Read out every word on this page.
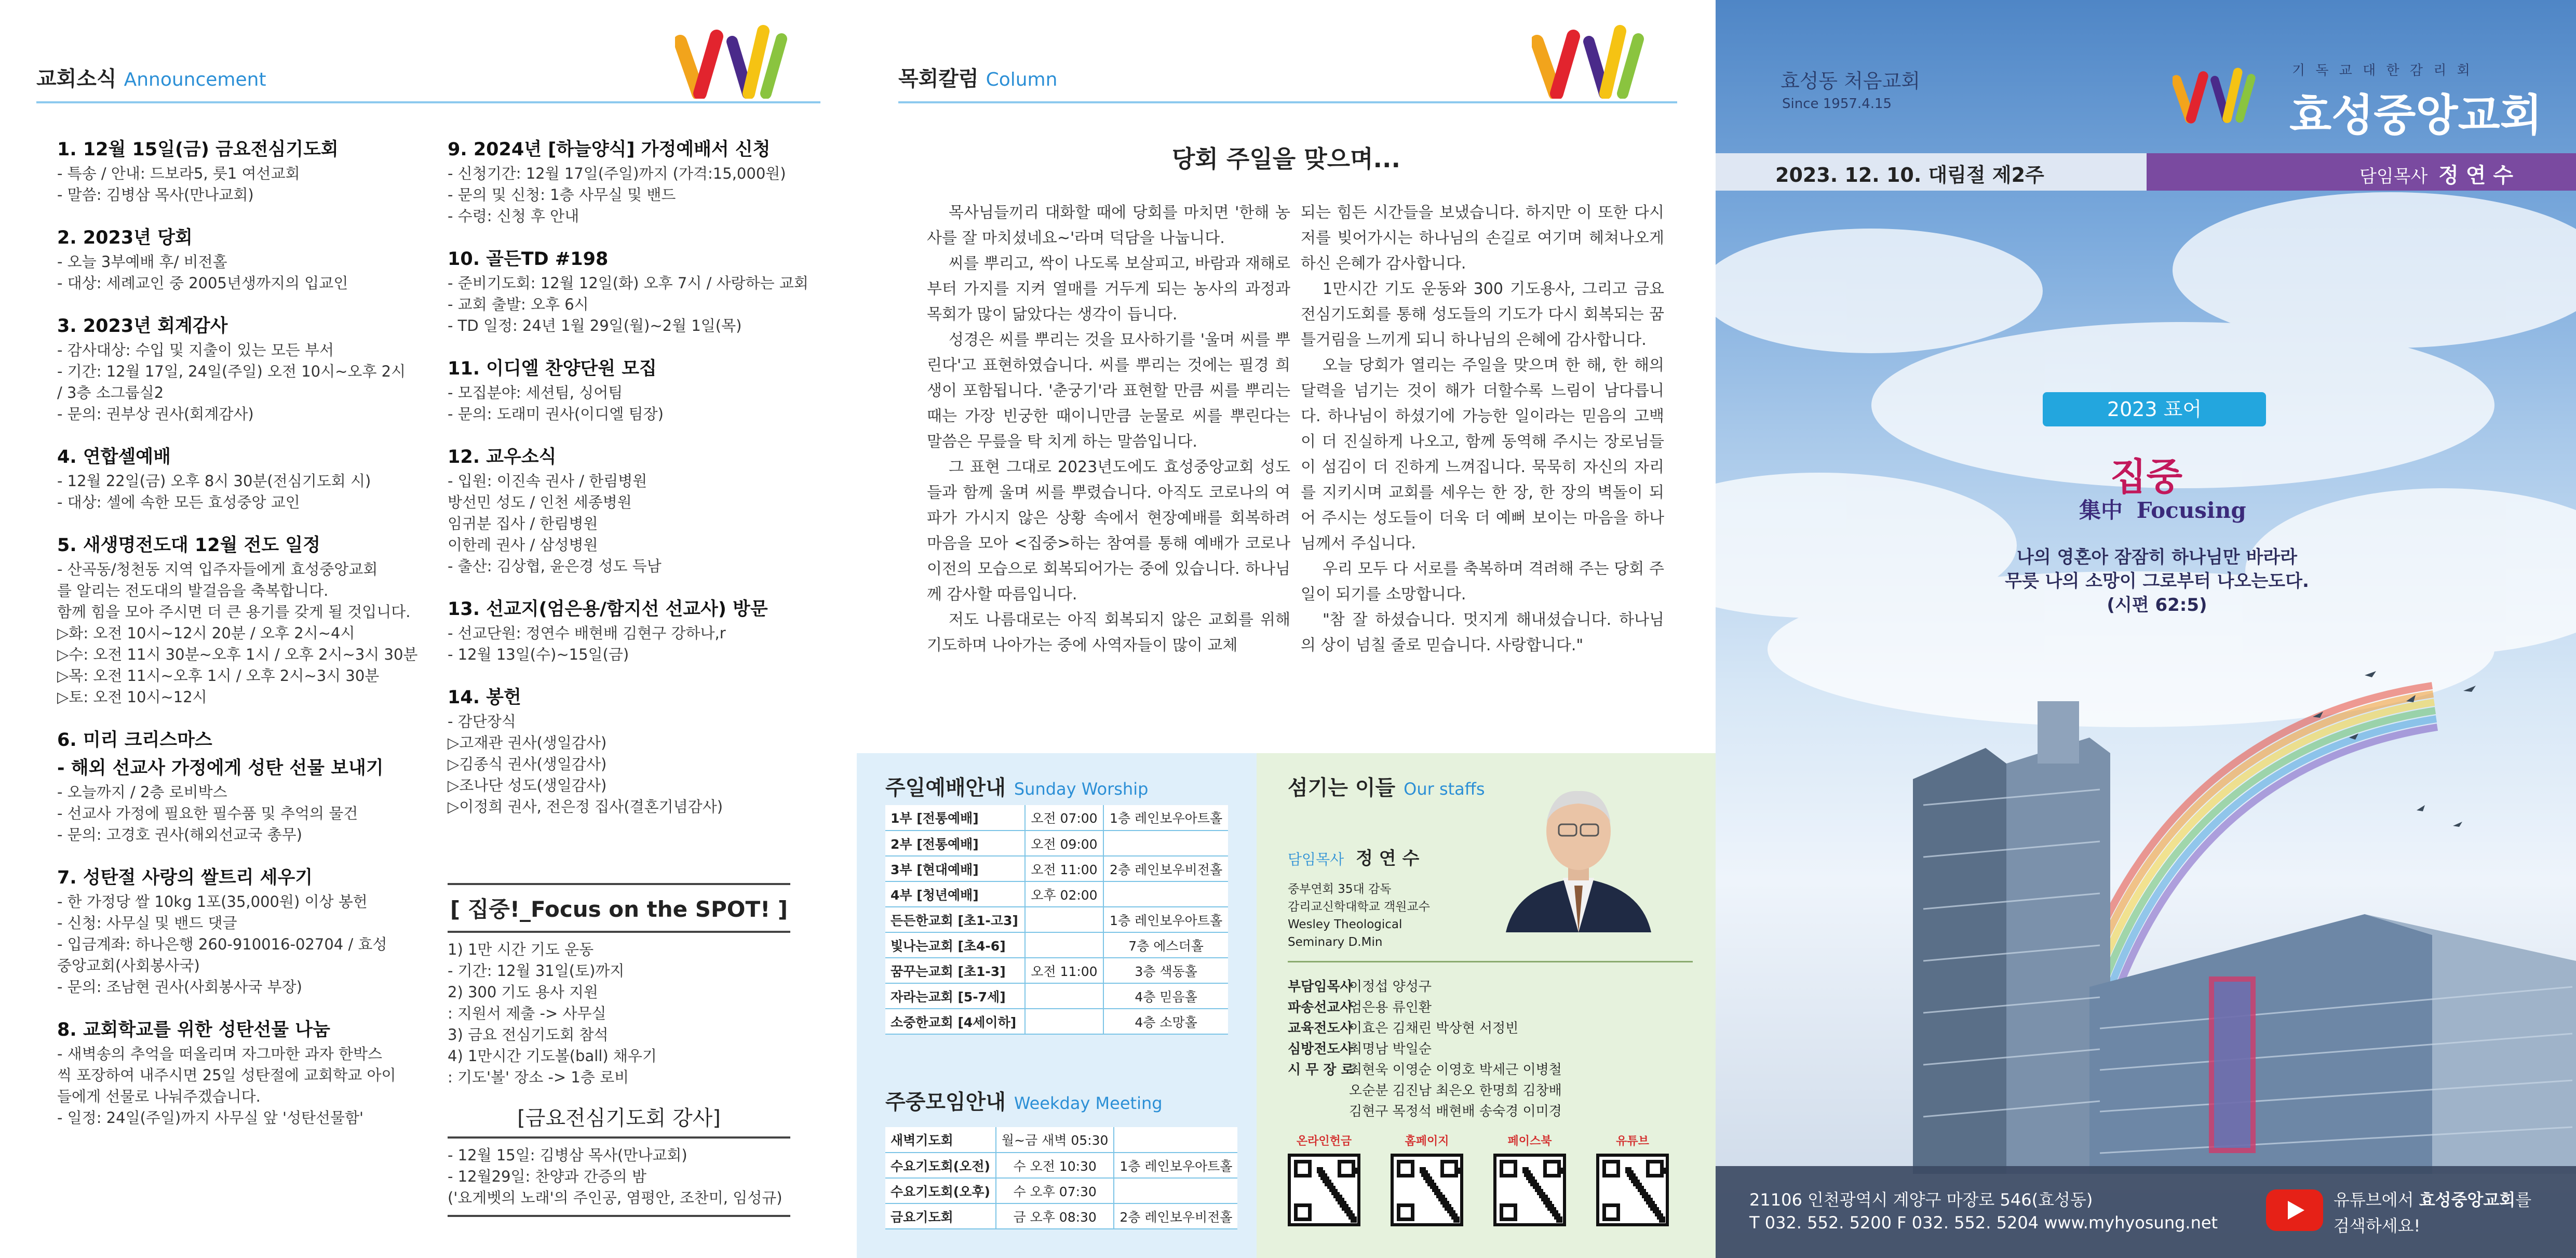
교회소식 Announcement
1. 12월 15일(금) 금요전심기도회

- 특송 / 안내: 드보라5, 룻1 여선교회

- 말씀: 김병삼 목사(만나교회)

2. 2023년 당회

- 오늘 3부예배 후/ 비전홀

- 대상: 세례교인 중 2005년생까지의 입교인

3. 2023년 회계감사

- 감사대상: 수입 및 지출이 있는 모든 부서

- 기간: 12월 17일, 24일(주일) 오전 10시~오후 2시

/ 3층 소그룹실2

- 문의: 권부상 권사(회계감사)

4. 연합셀예배

- 12월 22일(금) 오후 8시 30분(전심기도회 시)

- 대상: 셀에 속한 모든 효성중앙 교인

5. 새생명전도대 12월 전도 일정

- 산곡동/청천동 지역 입주자들에게 효성중앙교회

를 알리는 전도대의 발걸음을 축복합니다.

함께 힘을 모아 주시면 더 큰 용기를 갖게 될 것입니다.

▷화: 오전 10시~12시 20분 / 오후 2시~4시

▷수: 오전 11시 30분~오후 1시 / 오후 2시~3시 30분

▷목: 오전 11시~오후 1시 / 오후 2시~3시 30분

▷토: 오전 10시~12시

6. 미리 크리스마스
- 해외 선교사 가정에게 성탄 선물 보내기

- 오늘까지 / 2층 로비박스

- 선교사 가정에 필요한 필수품 및 추억의 물건

- 문의: 고경호 권사(해외선교국 총무)

7. 성탄절 사랑의 쌀트리 세우기

- 한 가정당 쌀 10kg 1포(35,000원) 이상 봉헌

- 신청: 사무실 및 밴드 댓글

- 입금계좌: 하나은행 260-910016-02704 / 효성

중앙교회(사회봉사국)

- 문의: 조남현 권사(사회봉사국 부장)

8. 교회학교를 위한 성탄선물 나눔

- 새벽송의 추억을 떠올리며 자그마한 과자 한박스

씩 포장하여 내주시면 25일 성탄절에 교회학교 아이

들에게 선물로 나눠주겠습니다.

- 일정: 24일(주일)까지 사무실 앞 '성탄선물함'

9. 2024년 [하늘양식] 가정예배서 신청

- 신청기간: 12월 17일(주일)까지 (가격:15,000원)

- 문의 및 신청: 1층 사무실 및 밴드

- 수령: 신청 후 안내

10. 골든TD #198

- 준비기도회: 12월 12일(화) 오후 7시 / 사랑하는 교회

- 교회 출발: 오후 6시

- TD 일정: 24년 1월 29일(월)~2월 1일(목)

11. 이디엘 찬양단원 모집

- 모집분야: 세션팀, 싱어팀

- 문의: 도래미 권사(이디엘 팀장)

12. 교우소식

- 입원: 이진속 권사 / 한림병원

방선민 성도 / 인천 세종병원

임귀분 집사 / 한림병원

이한레 권사 / 삼성병원

- 출산: 김상협, 윤은경 성도 득남

13. 선교지(엄은용/함지선 선교사) 방문

- 선교단원: 정연수 배현배 김현구 강하나,r

- 12월 13일(수)~15일(금)

14. 봉헌

- 감단장식

▷고재관 권사(생일감사)

▷김종식 권사(생일감사)

▷조나단 성도(생일감사)

▷이정희 권사, 전은정 집사(결혼기념감사)

[ 집중!_Focus on the SPOT! ]

1) 1만 시간 기도 운동

- 기간: 12월 31일(토)까지

2) 300 기도 용사 지원

: 지원서 제출 -> 사무실

3) 금요 전심기도회 참석

4) 1만시간 기도볼(ball) 채우기

: 기도'볼' 장소 -> 1층 로비

[금요전심기도회 강사]

- 12월 15일: 김병삼 목사(만나교회)

- 12월29일: 찬양과 간증의 밤

('요게벳의 노래'의 주인공, 염평안, 조찬미, 임성규)

목회칼럼 Column
당회 주일을 맞으며...

목사님들끼리 대화할 때에 당회를 마치면 '한해 농사를 잘 마치셨네요~'라며 덕담을 나눕니다.

씨를 뿌리고, 싹이 나도록 보살피고, 바람과 재해로부터 가지를 지켜 열매를 거두게 되는 농사의 과정과 목회가 많이 닮았다는 생각이 듭니다.

성경은 씨를 뿌리는 것을 묘사하기를 '울며 씨를 뿌린다'고 표현하였습니다. 씨를 뿌리는 것에는 필경 희생이 포함됩니다. '춘궁기'라 표현할 만큼 씨를 뿌리는 때는 가장 빈궁한 때이니만큼 눈물로 씨를 뿌린다는 말씀은 무릎을 탁 치게 하는 말씀입니다.

그 표현 그대로 2023년도에도 효성중앙교회 성도들과 함께 울며 씨를 뿌렸습니다. 아직도 코로나의 여파가 가시지 않은 상황 속에서 현장예배를 회복하려 마음을 모아 <집중>하는 참여를 통해 예배가 코로나 이전의 모습으로 회복되어가는 중에 있습니다. 하나님께 감사할 따름입니다.

저도 나름대로는 아직 회복되지 않은 교회를 위해 기도하며 나아가는 중에 사역자들이 많이 교체

되는 힘든 시간들을 보냈습니다. 하지만 이 또한 다시 저를 빚어가시는 하나님의 손길로 여기며 헤쳐나오게 하신 은혜가 감사합니다.

1만시간 기도 운동와 300 기도용사, 그리고 금요전심기도회를 통해 성도들의 기도가 다시 회복되는 꿈틀거림을 느끼게 되니 하나님의 은혜에 감사합니다.

오늘 당회가 열리는 주일을 맞으며 한 해, 한 해의 달력을 넘기는 것이 해가 더할수록 느림이 남다릅니다. 하나님이 하셨기에 가능한 일이라는 믿음의 고백이 더 진실하게 나오고, 함께 동역해 주시는 장로님들이 섬김이 더 진하게 느껴집니다. 묵묵히 자신의 자리를 지키시며 교회를 세우는 한 장, 한 장의 벽돌이 되어 주시는 성도들이 더욱 더 예뻐 보이는 마음을 하나님께서 주십니다.

우리 모두 다 서로를 축복하며 격려해 주는 당회 주일이 되기를 소망합니다.

"참 잘 하셨습니다. 멋지게 해내셨습니다. 하나님의 상이 넘칠 줄로 믿습니다. 사랑합니다."

주일예배안내 Sunday Worship
1부 [전통예배]	오전 07:00	1층 레인보우아트홀
2부 [전통예배]	오전 09:00	
3부 [현대예배]	오전 11:00	2층 레인보우비전홀
4부 [청년예배]	오후 02:00	
든든한교회 [초1-고3]		1층 레인보우아트홀
빛나는교회 [초4-6]		7층 에스더홀
꿈꾸는교회 [초1-3]	오전 11:00	3층 색동홀
자라는교회 [5-7세]		4층 믿음홀
소중한교회 [4세이하]		4층 소망홀
주중모임안내 Weekday Meeting
새벽기도회	월~금 새벽 05:30	
수요기도회(오전)	수 오전 10:30	1층 레인보우아트홀
수요기도회(오후)	수 오후 07:30	
금요기도회	금 오후 08:30	2층 레인보우비전홀
섬기는 이들 Our staffs
담임목사 정 연 수
중부연회 35대 감독
감리교신학대학교 객원교수
Wesley Theological
Seminary D.Min
부담임목사이정섭 양성구
파송선교사엄은용 류인환
교육전도사이효은 김채린 박상현 서정빈
심방전도사최명남 박일순
시 무 장 로최현욱 이영순 이영호 박세근 이병철
오순분 김진남 최은오 한명희 김창배
김현구 목정석 배현배 송숙경 이미경
온라인헌금	홈페이지	페이스북	유튜브
효성동 처음교회
Since 1957.4.15
기 독 교 대 한 감 리 회
효성중앙교회
2023. 12. 10. 대림절 제2주	담임목사 정 연 수
2023 표어
집중
集中 Focusing
나의 영혼아 잠잠히 하나님만 바라라
무릇 나의 소망이 그로부터 나오는도다.
(시편 62:5)
21106 인천광역시 계양구 마장로 546(효성동)
T 032. 552. 5200 F 032. 552. 5204 www.myhyosung.net
유튜브에서 효성중앙교회를
검색하세요!
